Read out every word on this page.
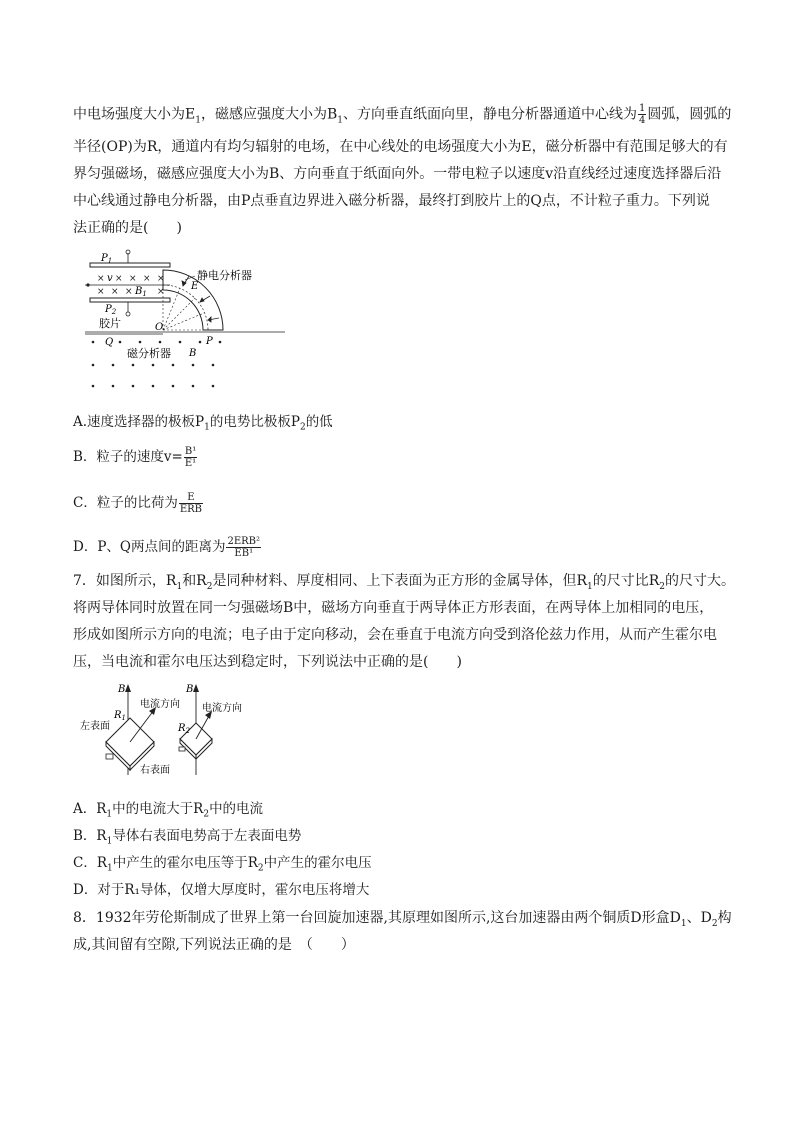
中电场强度大小为$E_1$，磁感应强度大小为$B_1$、方向垂直纸面向里，静电分析器通道中心线为 $\frac{1}{4}$ 圆弧，圆弧的
半径(OP)为R，通道内有均匀辐射的电场，在中心线处的电场强度大小为E，磁分析器中有范围足够大的有
界匀强磁场，磁感应强度大小为B、方向垂直于纸面向外。一带电粒子以速度v沿直线经过速度选择器后沿
中心线通过静电分析器，由P点垂直边界进入磁分析器，最终打到胶片上的Q点，不计粒子重力。下列说
法正确的是(　　)
$P_1$
$P_2$
× × × × ×
× × ×	×
v
$B_1$
E
静电分析器
胶片	O
P
Q
B
磁分析器
A.速度选择器的极板$P_1$的电势比极板$P_2$的低
B．粒子的速度$v= \frac{\text{B¹}}{\text{E¹}}$
C．粒子的比荷为 $\frac{E}{\text{ERB}}$
D．P、Q两点间的距离为 $\frac{\text{2ERB²}}{\text{EB¹}}$
7．如图所示，$R_1$和$R_2$是同种材料、厚度相同、上下表面为正方形的金属导体，但$R_1$的尺寸比$R_2$的尺寸大。
将两导体同时放置在同一匀强磁场B中，磁场方向垂直于两导体正方形表面，在两导体上加相同的电压，
形成如图所示方向的电流；电子由于定向移动，会在垂直于电流方向受到洛伦兹力作用，从而产生霍尔电
压，当电流和霍尔电压达到稳定时，下列说法中正确的是(　　)
B
$R_1$
电流方向
左表面
右表面
B
$R_2$
电流方向
A．$R_1$中的电流大于$R_2$中的电流
B．$R_1$导体右表面电势高于左表面电势
C．$R_1$中产生的霍尔电压等于$R_2$中产生的霍尔电压
D．对于R₁导体，仅增大厚度时，霍尔电压将增大
8．1932年劳伦斯制成了世界上第一台回旋加速器,其原理如图所示,这台加速器由两个铜质D形盒$D_1$、$D_2$构
成,其间留有空隙,下列说法正确的是　（　　）
